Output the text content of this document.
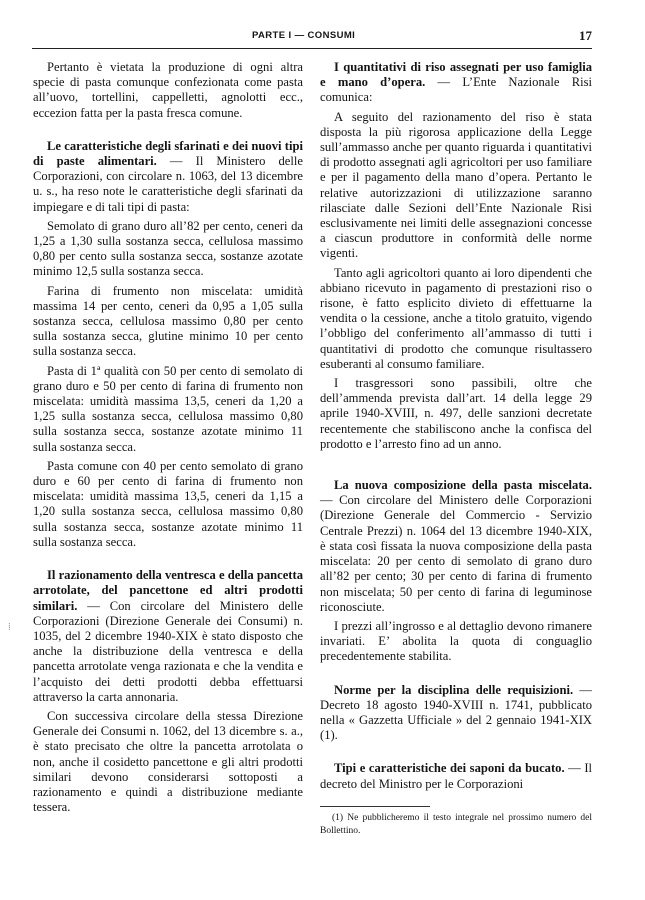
PARTE I — CONSUMI	17

Pertanto è vietata la produzione di ogni altra specie di pasta comunque confezionata come pasta all’uovo, tortellini, cappelletti, agnolotti ecc., eccezion fatta per la pasta fresca comune.

Le caratteristiche degli sfarinati e dei nuovi tipi di paste alimentari. — Il Ministero delle Corporazioni, con circolare n. 1063, del 13 dicembre u. s., ha reso note le caratteristiche degli sfarinati da impiegare e di tali tipi di pasta:

Semolato di grano duro all’82 per cento, ceneri da 1,25 a 1,30 sulla sostanza secca, cellulosa massimo 0,80 per cento sulla sostanza secca, sostanze azotate minimo 12,5 sulla sostanza secca.

Farina di frumento non miscelata: umidità massima 14 per cento, ceneri da 0,95 a 1,05 sulla sostanza secca, cellulosa massimo 0,80 per cento sulla sostanza secca, glutine minimo 10 per cento sulla sostanza secca.

Pasta di 1ª qualità con 50 per cento di semolato di grano duro e 50 per cento di farina di frumento non miscelata: umidità massima 13,5, ceneri da 1,20 a 1,25 sulla sostanza secca, cellulosa massimo 0,80 sulla sostanza secca, sostanze azotate minimo 11 sulla sostanza secca.

Pasta comune con 40 per cento semolato di grano duro e 60 per cento di farina di frumento non miscelata: umidità massima 13,5, ceneri da 1,15 a 1,20 sulla sostanza secca, cellulosa massimo 0,80 sulla sostanza secca, sostanze azotate minimo 11 sulla sostanza secca.

Il razionamento della ventresca e della pancetta arrotolate, del pancettone ed altri prodotti similari. — Con circolare del Ministero delle Corporazioni (Direzione Generale dei Consumi) n. 1035, del 2 dicembre 1940-XIX è stato disposto che anche la distribuzione della ventresca e della pancetta arrotolate venga razionata e che la vendita e l’acquisto dei detti prodotti debba effettuarsi attraverso la carta annonaria.

Con successiva circolare della stessa Direzione Generale dei Consumi n. 1062, del 13 dicembre s. a., è stato precisato che oltre la pancetta arrotolata o non, anche il cosidetto pancettone e gli altri prodotti similari devono considerarsi sottoposti a razionamento e quindi a distribuzione mediante tessera.

I quantitativi di riso assegnati per uso famiglia e mano d’opera. — L’Ente Nazionale Risi comunica:

A seguito del razionamento del riso è stata disposta la più rigorosa applicazione della Legge sull’ammasso anche per quanto riguarda i quantitativi di prodotto assegnati agli agricoltori per uso familiare e per il pagamento della mano d’opera. Pertanto le relative autorizzazioni di utilizzazione saranno rilasciate dalle Sezioni dell’Ente Nazionale Risi esclusivamente nei limiti delle assegnazioni concesse a ciascun produttore in conformità delle norme vigenti.

Tanto agli agricoltori quanto ai loro dipendenti che abbiano ricevuto in pagamento di prestazioni riso o risone, è fatto esplicito divieto di effettuarne la vendita o la cessione, anche a titolo gratuito, vigendo l’obbligo del conferimento all’ammasso di tutti i quantitativi di prodotto che comunque risultassero esuberanti al consumo familiare.

I trasgressori sono passibili, oltre che dell’ammenda prevista dall’art. 14 della legge 29 aprile 1940-XVIII, n. 497, delle sanzioni decretate recentemente che stabiliscono anche la confisca del prodotto e l’arresto fino ad un anno.

La nuova composizione della pasta miscelata. — Con circolare del Ministero delle Corporazioni (Direzione Generale del Commercio - Servizio Centrale Prezzi) n. 1064 del 13 dicembre 1940-XIX, è stata così fissata la nuova composizione della pasta miscelata: 20 per cento di semolato di grano duro all’82 per cento; 30 per cento di farina di frumento non miscelata; 50 per cento di farina di leguminose riconosciute.

I prezzi all’ingrosso e al dettaglio devono rimanere invariati. E’ abolita la quota di conguaglio precedentemente stabilita.

Norme per la disciplina delle requisizioni. — Decreto 18 agosto 1940-XVIII n. 1741, pubblicato nella « Gazzetta Ufficiale » del 2 gennaio 1941-XIX (1).

Tipi e caratteristiche dei saponi da bucato. — Il decreto del Ministro per le Corporazioni

(1) Ne pubblicheremo il testo integrale nel prossimo numero del Bollettino.
⁞
